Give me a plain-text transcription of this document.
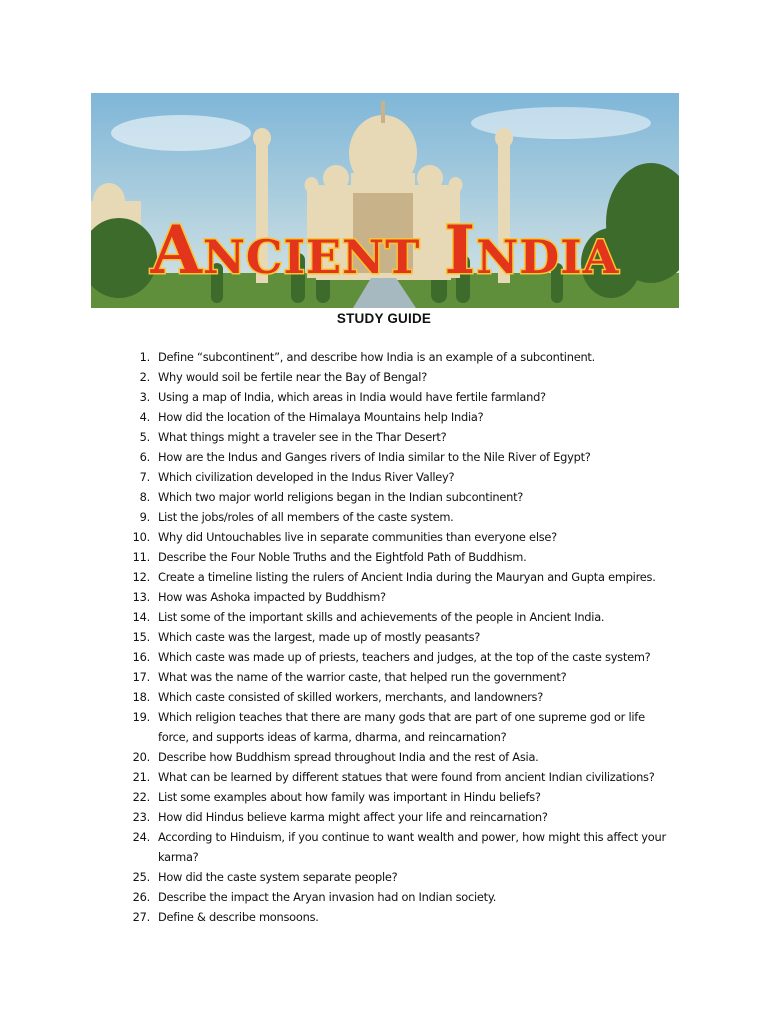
Ancient India
STUDY GUIDE
1. Define “subcontinent”, and describe how India is an example of a subcontinent.
2. Why would soil be fertile near the Bay of Bengal?
3. Using a map of India, which areas in India would have fertile farmland?
4. How did the location of the Himalaya Mountains help India?
5. What things might a traveler see in the Thar Desert?
6. How are the Indus and Ganges rivers of India similar to the Nile River of Egypt?
7. Which civilization developed in the Indus River Valley?
8. Which two major world religions began in the Indian subcontinent?
9. List the jobs/roles of all members of the caste system.
10. Why did Untouchables live in separate communities than everyone else?
11. Describe the Four Noble Truths and the Eightfold Path of Buddhism.
12. Create a timeline listing the rulers of Ancient India during the Mauryan and Gupta empires.
13. How was Ashoka impacted by Buddhism?
14. List some of the important skills and achievements of the people in Ancient India.
15. Which caste was the largest, made up of mostly peasants?
16. Which caste was made up of priests, teachers and judges, at the top of the caste system?
17. What was the name of the warrior caste, that helped run the government?
18. Which caste consisted of skilled workers, merchants, and landowners?
19. Which religion teaches that there are many gods that are part of one supreme god or life force, and supports ideas of karma, dharma, and reincarnation?
20. Describe how Buddhism spread throughout India and the rest of Asia.
21. What can be learned by different statues that were found from ancient Indian civilizations?
22. List some examples about how family was important in Hindu beliefs?
23. How did Hindus believe karma might affect your life and reincarnation?
24. According to Hinduism, if you continue to want wealth and power, how might this affect your karma?
25. How did the caste system separate people?
26. Describe the impact the Aryan invasion had on Indian society.
27. Define & describe monsoons.
